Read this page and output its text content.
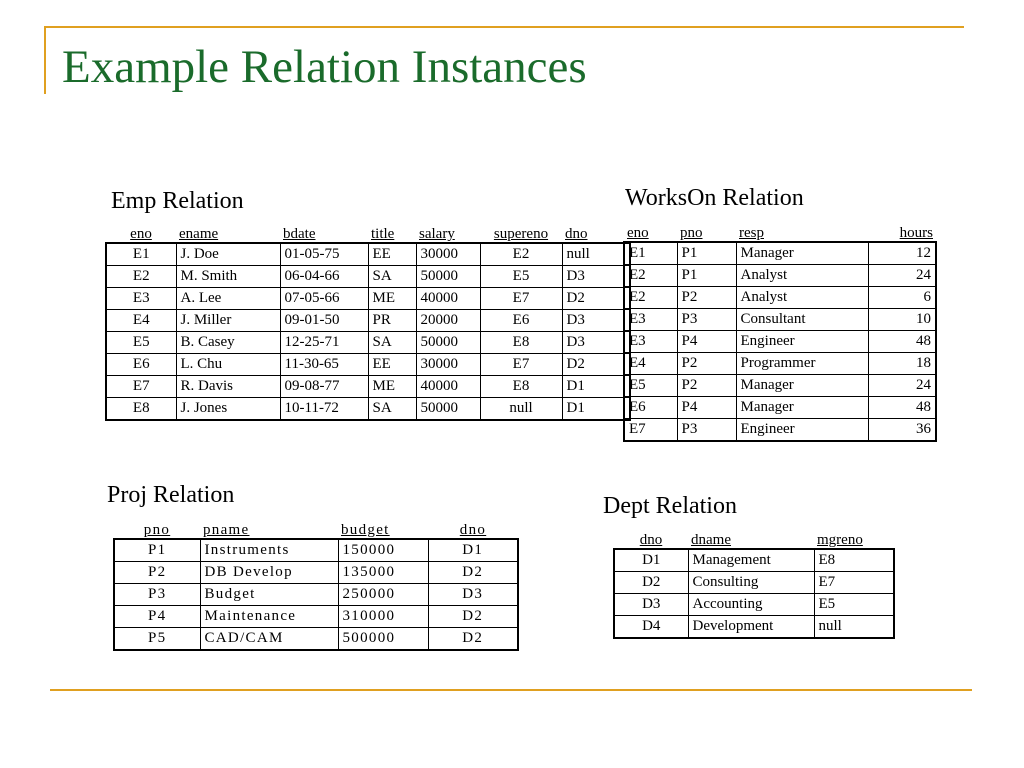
Example Relation Instances
Emp Relation
eno	ename	bdate	title	salary	supereno	dno
E1	J. Doe	01-05-75	EE	30000	E2	null
E2	M. Smith	06-04-66	SA	50000	E5	D3
E3	A. Lee	07-05-66	ME	40000	E7	D2
E4	J. Miller	09-01-50	PR	20000	E6	D3
E5	B. Casey	12-25-71	SA	50000	E8	D3
E6	L. Chu	11-30-65	EE	30000	E7	D2
E7	R. Davis	09-08-77	ME	40000	E8	D1
E8	J. Jones	10-11-72	SA	50000	null	D1
WorksOn Relation
eno	pno	resp	hours
E1	P1	Manager	12
E2	P1	Analyst	24
E2	P2	Analyst	6
E3	P3	Consultant	10
E3	P4	Engineer	48
E4	P2	Programmer	18
E5	P2	Manager	24
E6	P4	Manager	48
E7	P3	Engineer	36
Proj Relation
pno	pname	budget	dno
P1	Instruments	150000	D1
P2	DB Develop	135000	D2
P3	Budget	250000	D3
P4	Maintenance	310000	D2
P5	CAD/CAM	500000	D2
Dept Relation
dno	dname	mgreno
D1	Management	E8
D2	Consulting	E7
D3	Accounting	E5
D4	Development	null
